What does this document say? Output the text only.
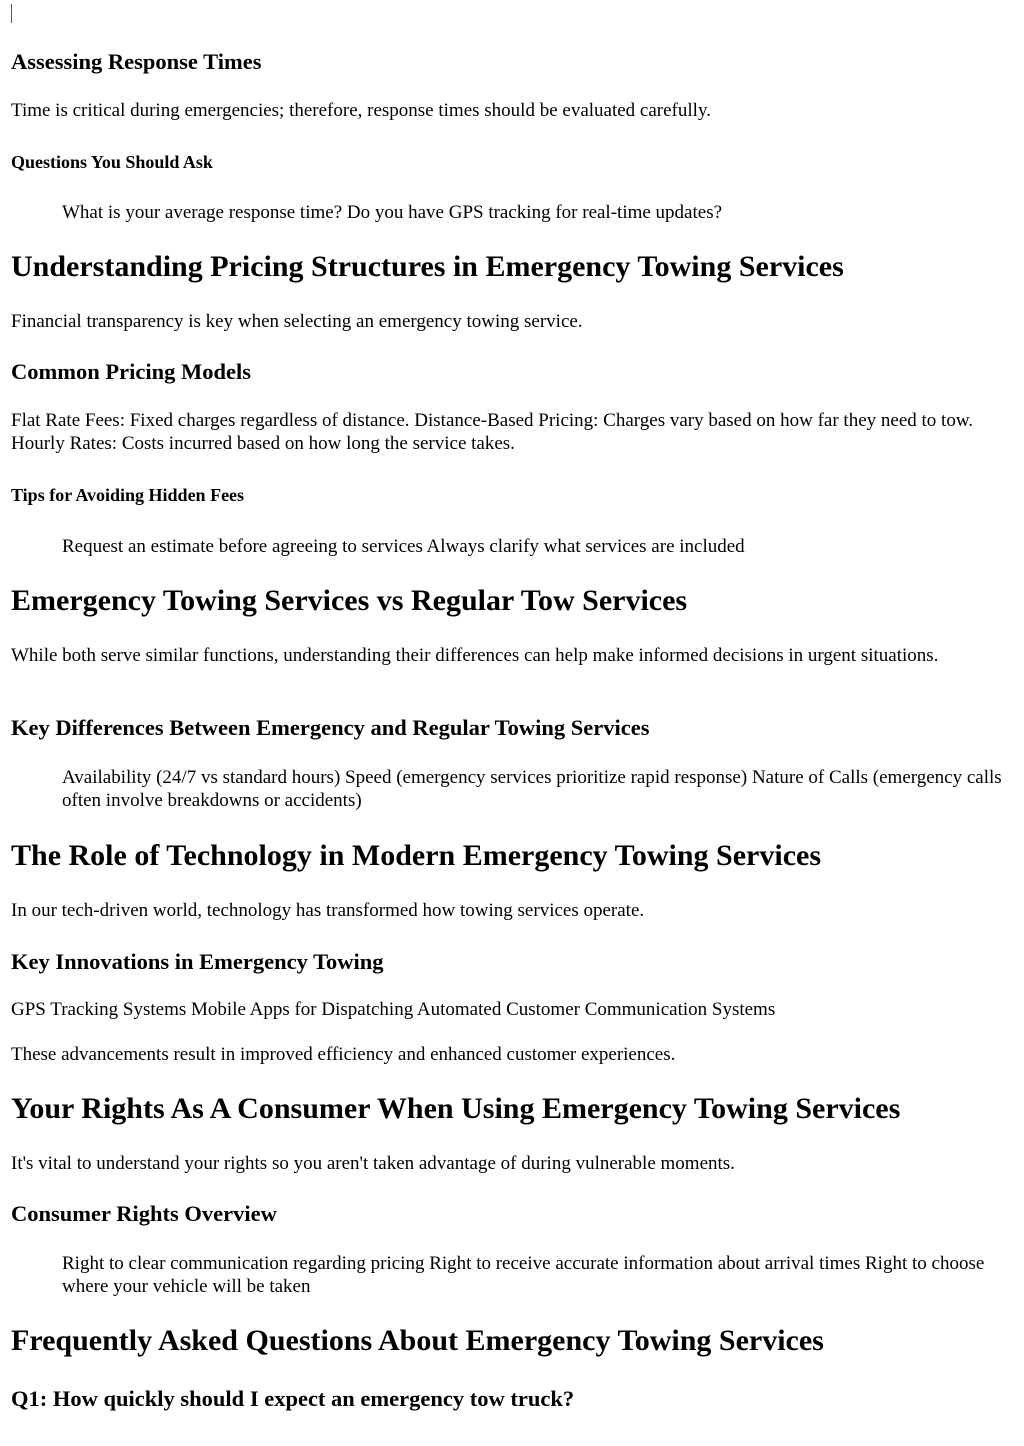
Assessing Response Times

Time is critical during emergencies; therefore, response times should be evaluated carefully.

Questions You Should Ask
What is your average response time? Do you have GPS tracking for real-time updates?
Understanding Pricing Structures in Emergency Towing Services

Financial transparency is key when selecting an emergency towing service.

Common Pricing Models

Flat Rate Fees: Fixed charges regardless of distance. Distance-Based Pricing: Charges vary based on how far they need to tow. Hourly Rates: Costs incurred based on how long the service takes.

Tips for Avoiding Hidden Fees
Request an estimate before agreeing to services Always clarify what services are included
Emergency Towing Services vs Regular Tow Services

While both serve similar functions, understanding their differences can help make informed decisions in urgent situations.

Key Differences Between Emergency and Regular Towing Services
Availability (24/7 vs standard hours) Speed (emergency services prioritize rapid response) Nature of Calls (emergency calls often involve breakdowns or accidents)
The Role of Technology in Modern Emergency Towing Services

In our tech-driven world, technology has transformed how towing services operate.

Key Innovations in Emergency Towing

GPS Tracking Systems Mobile Apps for Dispatching Automated Customer Communication Systems

These advancements result in improved efficiency and enhanced customer experiences.

Your Rights As A Consumer When Using Emergency Towing Services

It's vital to understand your rights so you aren't taken advantage of during vulnerable moments.

Consumer Rights Overview
Right to clear communication regarding pricing Right to receive accurate information about arrival times Right to choose where your vehicle will be taken
Frequently Asked Questions About Emergency Towing Services
Q1: How quickly should I expect an emergency tow truck?
